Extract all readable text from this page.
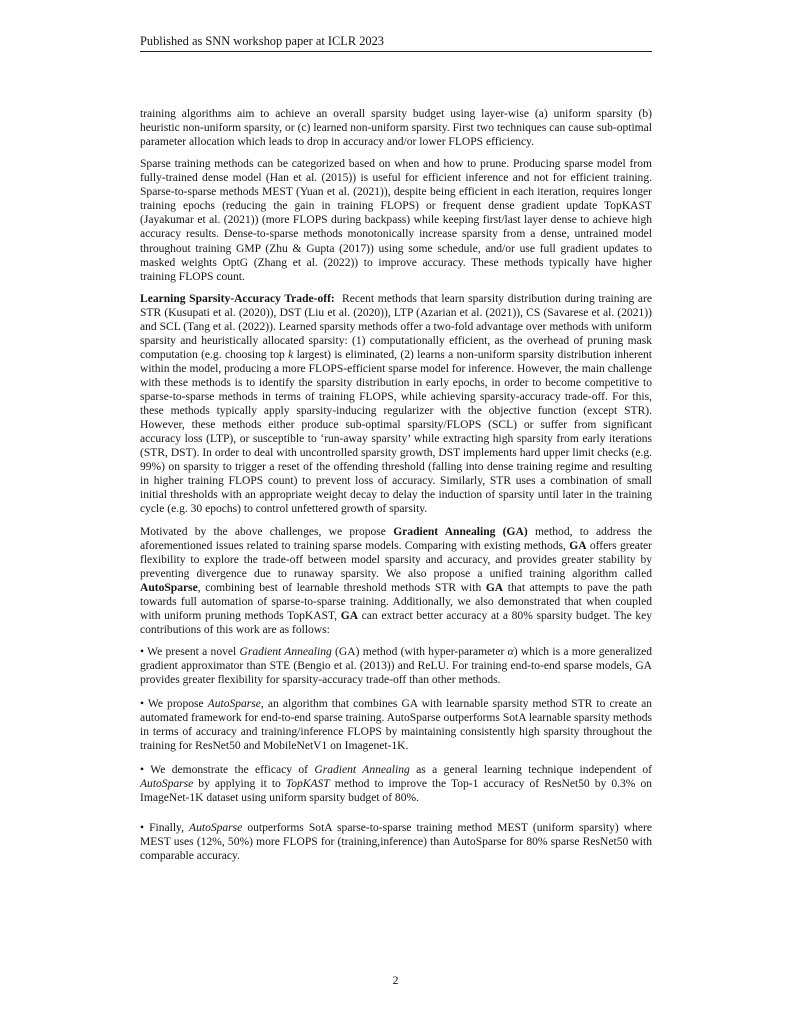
Published as SNN workshop paper at ICLR 2023

training algorithms aim to achieve an overall sparsity budget using layer-wise (a) uniform sparsity (b) heuristic non-uniform sparsity, or (c) learned non-uniform sparsity. First two techniques can cause sub-optimal parameter allocation which leads to drop in accuracy and/or lower FLOPS efficiency.

Sparse training methods can be categorized based on when and how to prune. Producing sparse model from fully-trained dense model (Han et al. (2015)) is useful for efficient inference and not for efficient training. Sparse-to-sparse methods MEST (Yuan et al. (2021)), despite being efficient in each iteration, requires longer training epochs (reducing the gain in training FLOPS) or frequent dense gradient update TopKAST (Jayakumar et al. (2021)) (more FLOPS during backpass) while keeping first/last layer dense to achieve high accuracy results. Dense-to-sparse methods monotonically increase sparsity from a dense, untrained model throughout training GMP (Zhu & Gupta (2017)) using some schedule, and/or use full gradient updates to masked weights OptG (Zhang et al. (2022)) to improve accuracy. These methods typically have higher training FLOPS count.

Learning Sparsity-Accuracy Trade-off: Recent methods that learn sparsity distribution during training are STR (Kusupati et al. (2020)), DST (Liu et al. (2020)), LTP (Azarian et al. (2021)), CS (Savarese et al. (2021)) and SCL (Tang et al. (2022)). Learned sparsity methods offer a two-fold advantage over methods with uniform sparsity and heuristically allocated sparsity: (1) computationally efficient, as the overhead of pruning mask computation (e.g. choosing top k largest) is eliminated, (2) learns a non-uniform sparsity distribution inherent within the model, producing a more FLOPS-efficient sparse model for inference. However, the main challenge with these methods is to identify the sparsity distribution in early epochs, in order to become competitive to sparse-to-sparse methods in terms of training FLOPS, while achieving sparsity-accuracy trade-off. For this, these methods typically apply sparsity-inducing regularizer with the objective function (except STR). However, these methods either produce sub-optimal sparsity/FLOPS (SCL) or suffer from significant accuracy loss (LTP), or susceptible to ‘run-away sparsity’ while extracting high sparsity from early iterations (STR, DST). In order to deal with uncontrolled sparsity growth, DST implements hard upper limit checks (e.g. 99%) on sparsity to trigger a reset of the offending threshold (falling into dense training regime and resulting in higher training FLOPS count) to prevent loss of accuracy. Similarly, STR uses a combination of small initial thresholds with an appropriate weight decay to delay the induction of sparsity until later in the training cycle (e.g. 30 epochs) to control unfettered growth of sparsity.

Motivated by the above challenges, we propose Gradient Annealing (GA) method, to address the aforementioned issues related to training sparse models. Comparing with existing methods, GA offers greater flexibility to explore the trade-off between model sparsity and accuracy, and provides greater stability by preventing divergence due to runaway sparsity. We also propose a unified training algorithm called AutoSparse, combining best of learnable threshold methods STR with GA that attempts to pave the path towards full automation of sparse-to-sparse training. Additionally, we also demonstrated that when coupled with uniform pruning methods TopKAST, GA can extract better accuracy at a 80% sparsity budget. The key contributions of this work are as follows:

• We present a novel Gradient Annealing (GA) method (with hyper-parameter α) which is a more generalized gradient approximator than STE (Bengio et al. (2013)) and ReLU. For training end-to-end sparse models, GA provides greater flexibility for sparsity-accuracy trade-off than other methods.

• We propose AutoSparse, an algorithm that combines GA with learnable sparsity method STR to create an automated framework for end-to-end sparse training. AutoSparse outperforms SotA learnable sparsity methods in terms of accuracy and training/inference FLOPS by maintaining consistently high sparsity throughout the training for ResNet50 and MobileNetV1 on Imagenet-1K.

• We demonstrate the efficacy of Gradient Annealing as a general learning technique independent of AutoSparse by applying it to TopKAST method to improve the Top-1 accuracy of ResNet50 by 0.3% on ImageNet-1K dataset using uniform sparsity budget of 80%.

• Finally, AutoSparse outperforms SotA sparse-to-sparse training method MEST (uniform sparsity) where MEST uses (12%, 50%) more FLOPS for (training,inference) than AutoSparse for 80% sparse ResNet50 with comparable accuracy.

2
